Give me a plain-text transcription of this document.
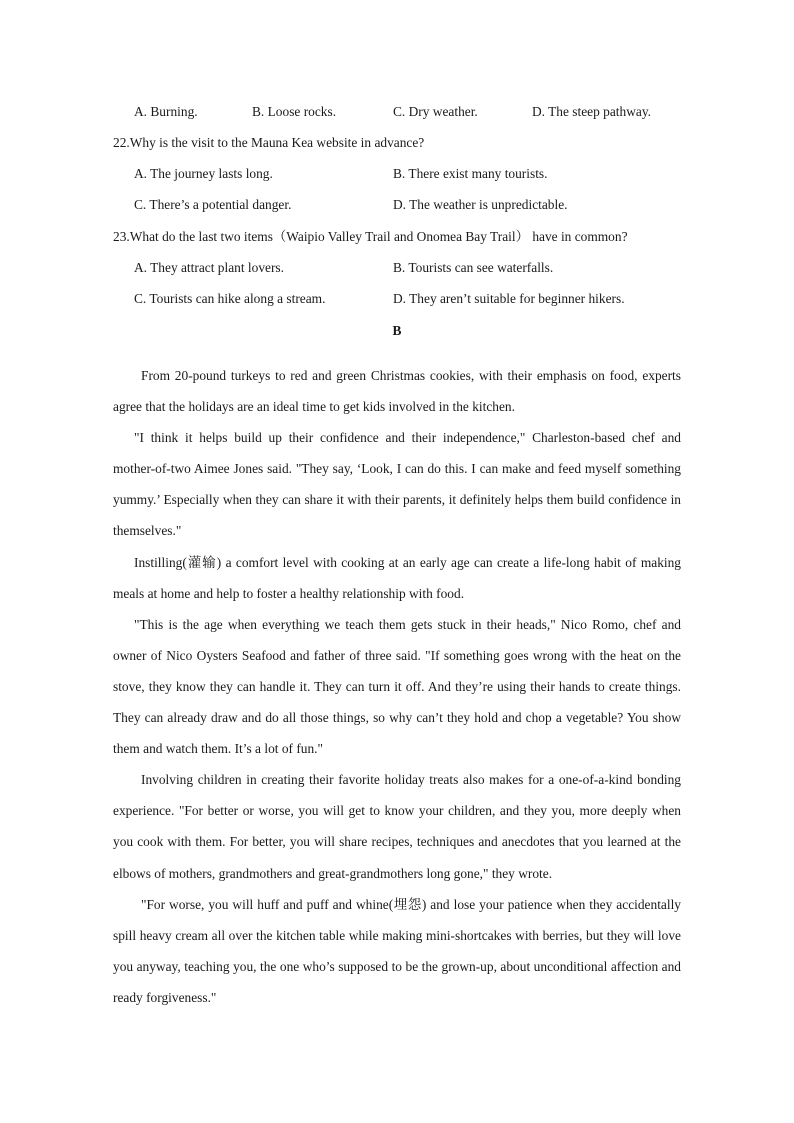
A. Burning.	B. Loose rocks.	C. Dry weather.	D. The steep pathway.
22.Why is the visit to the Mauna Kea website in advance?
A. The journey lasts long.	B. There exist many tourists.
C. There’s a potential danger.	D. The weather is unpredictable.
23.What do the last two items（Waipio Valley Trail and Onomea Bay Trail） have in common?
A. They attract plant lovers.	B. Tourists can see waterfalls.
C. Tourists can hike along a stream.	D. They aren’t suitable for beginner hikers.
B

From 20-pound turkeys to red and green Christmas cookies, with their emphasis on food, experts agree that the holidays are an ideal time to get kids involved in the kitchen.

"I think it helps build up their confidence and their independence," Charleston-based chef and mother-of-two Aimee Jones said. "They say, ‘Look, I can do this. I can make and feed myself something yummy.’ Especially when they can share it with their parents, it definitely helps them build confidence in themselves."

Instilling(灌输) a comfort level with cooking at an early age can create a life-long habit of making meals at home and help to foster a healthy relationship with food.

"This is the age when everything we teach them gets stuck in their heads," Nico Romo, chef and owner of Nico Oysters Seafood and father of three said. "If something goes wrong with the heat on the stove, they know they can handle it. They can turn it off. And they’re using their hands to create things. They can already draw and do all those things, so why can’t they hold and chop a vegetable? You show them and watch them. It’s a lot of fun."

Involving children in creating their favorite holiday treats also makes for a one-of-a-kind bonding experience. "For better or worse, you will get to know your children, and they you, more deeply when you cook with them. For better, you will share recipes, techniques and anecdotes that you learned at the elbows of mothers, grandmothers and great-grandmothers long gone," they wrote.

"For worse, you will huff and puff and whine(埋怨) and lose your patience when they accidentally spill heavy cream all over the kitchen table while making mini-shortcakes with berries, but they will love you anyway, teaching you, the one who’s supposed to be the grown-up, about unconditional affection and ready forgiveness."
